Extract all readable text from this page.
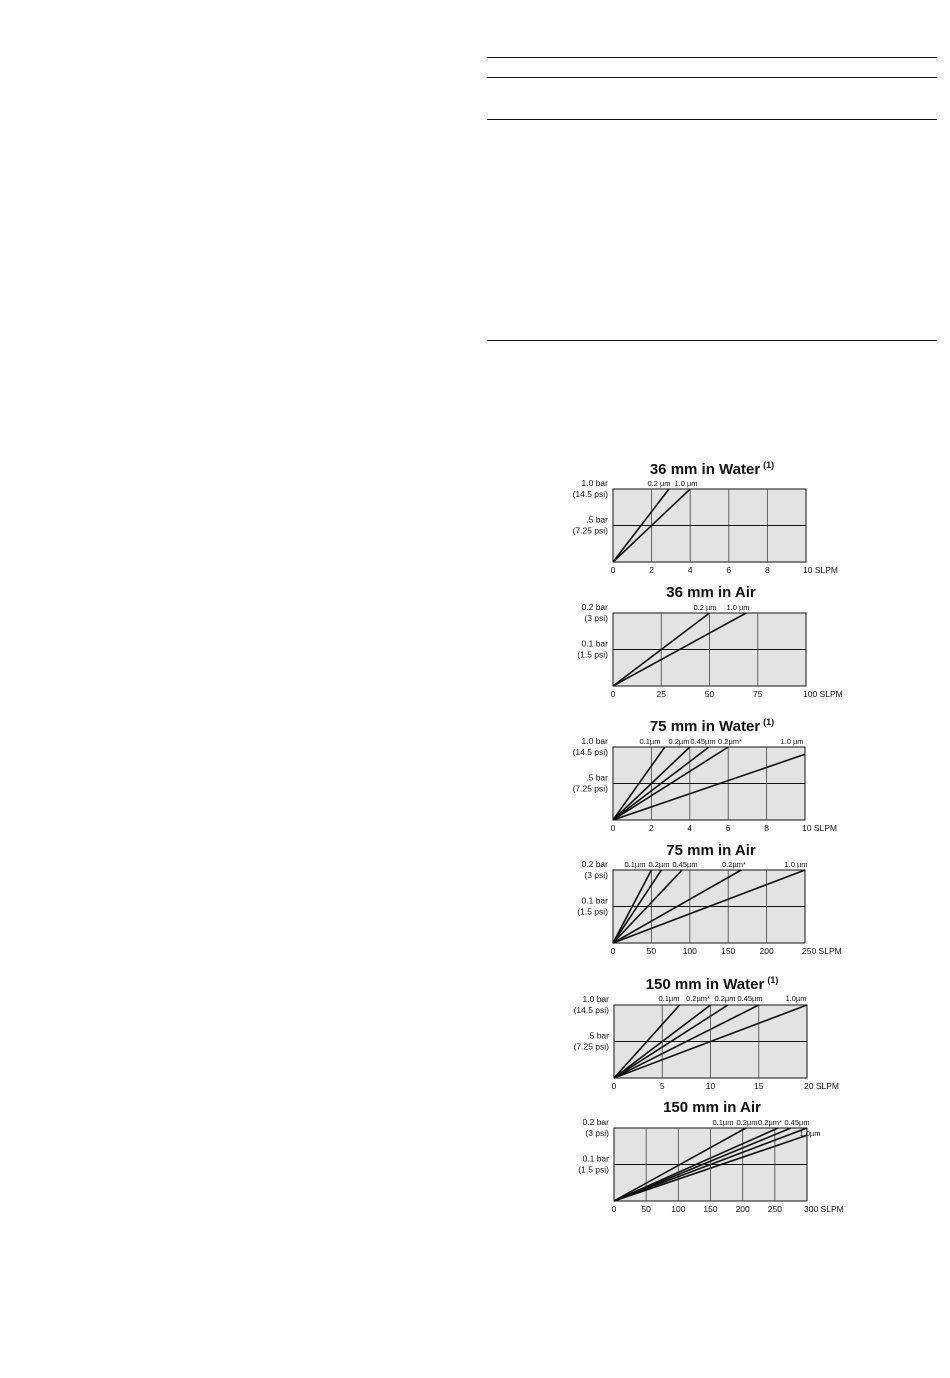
0	2	4	6	8	10 SLPM
1.0 bar
(14.5 psi)
.5 bar
(7.25 psi)
0.2 µm 1.0 µm
36 mm in Water (1)
0	25	50	75	100 SLPM
0.2 bar
(3 psi)
0.1 bar
(1.5 psi)
0.2 µm 1.0 µm
36 mm in Air
0	2	4	6	8	10 SLPM
1.0 bar
(14.5 psi)
.5 bar
(7.25 psi)
0.1µm 0.2µm 0.45µm 0.2µm*	1.0 µm
75 mm in Water (1)
0	50	100	150	200	250 SLPM
0.2 bar
(3 psi)
0.1 bar
(1.5 psi)
0.1µm 0.2µm 0.45µm	0.2µm*	1.0 µm
75 mm in Air
0	5	10	15	20 SLPM
1.0 bar
(14.5 psi)
.5 bar
(7.25 psi)
0.1µm 0.2µm* 0.2µm 0.45µm	1.0µm
150 mm in Water (1)
0	50 100 150 200 250	300 SLPM
0.2 bar
(3 psi)
0.1 bar
(1.5 psi)
0.1µm 0.2µm 0.2µm* 0.45µm
1.0µm
150 mm in Air
